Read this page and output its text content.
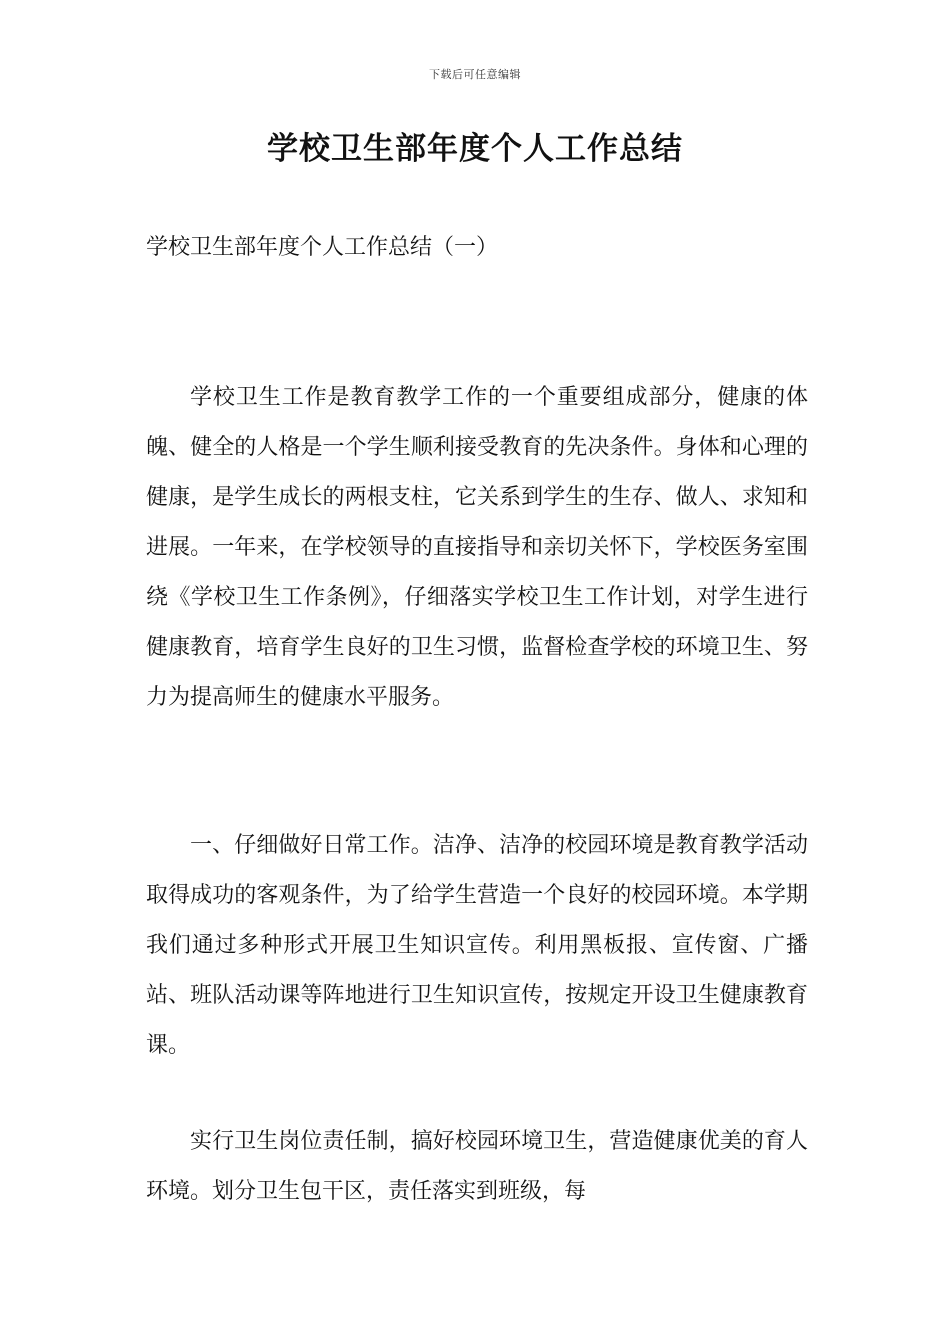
下载后可任意编辑
学校卫生部年度个人工作总结

学校卫生部年度个人工作总结（一）

学校卫生工作是教育教学工作的一个重要组成部分，健康的体魄、健全的人格是一个学生顺利接受教育的先决条件。身体和心理的健康，是学生成长的两根支柱，它关系到学生的生存、做人、求知和进展。一年来，在学校领导的直接指导和亲切关怀下，学校医务室围绕《学校卫生工作条例》，仔细落实学校卫生工作计划，对学生进行健康教育，培育学生良好的卫生习惯，监督检查学校的环境卫生、努力为提高师生的健康水平服务。

一、仔细做好日常工作。洁净、洁净的校园环境是教育教学活动取得成功的客观条件，为了给学生营造一个良好的校园环境。本学期我们通过多种形式开展卫生知识宣传。利用黑板报、宣传窗、广播站、班队活动课等阵地进行卫生知识宣传，按规定开设卫生健康教育课。

实行卫生岗位责任制，搞好校园环境卫生，营造健康优美的育人环境。划分卫生包干区，责任落实到班级，每
